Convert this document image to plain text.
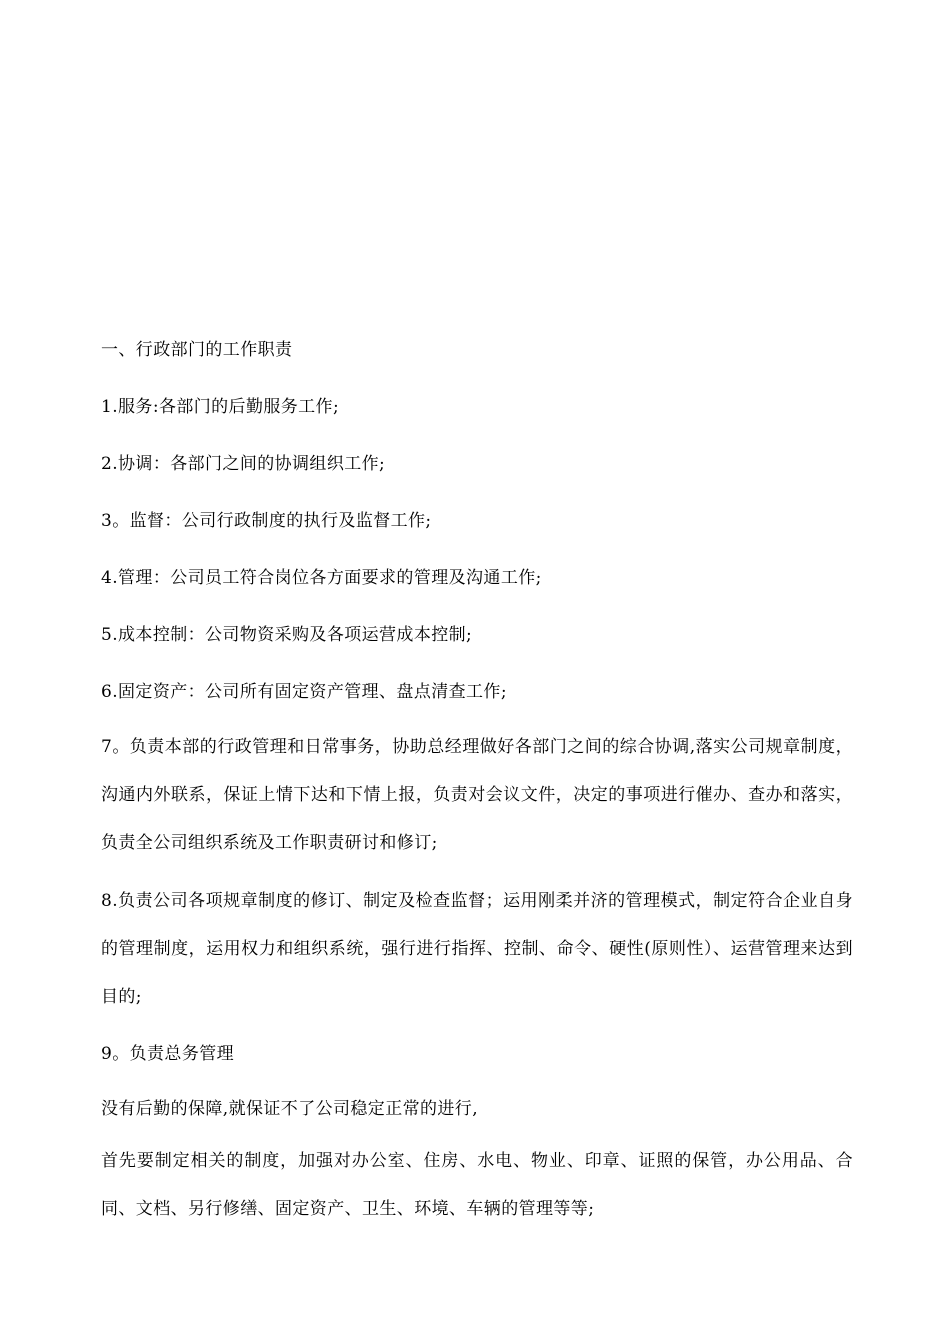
一、行政部门的工作职责

1.服务:各部门的后勤服务工作;

2.协调：各部门之间的协调组织工作;

3。监督：公司行政制度的执行及监督工作;

4.管理：公司员工符合岗位各方面要求的管理及沟通工作;

5.成本控制：公司物资采购及各项运营成本控制;

6.固定资产：公司所有固定资产管理、盘点清查工作;

7。负责本部的行政管理和日常事务，协助总经理做好各部门之间的综合协调,落实公司规章制度，沟通内外联系，保证上情下达和下情上报，负责对会议文件，决定的事项进行催办、查办和落实，负责全公司组织系统及工作职责研讨和修订;

8.负责公司各项规章制度的修订、制定及检查监督；运用刚柔并济的管理模式，制定符合企业自身的管理制度，运用权力和组织系统，强行进行指挥、控制、命令、硬性(原则性）、运营管理来达到目的;

9。负责总务管理

没有后勤的保障,就保证不了公司稳定正常的进行,

首先要制定相关的制度，加强对办公室、住房、水电、物业、印章、证照的保管，办公用品、合同、文档、另行修缮、固定资产、卫生、环境、车辆的管理等等;
